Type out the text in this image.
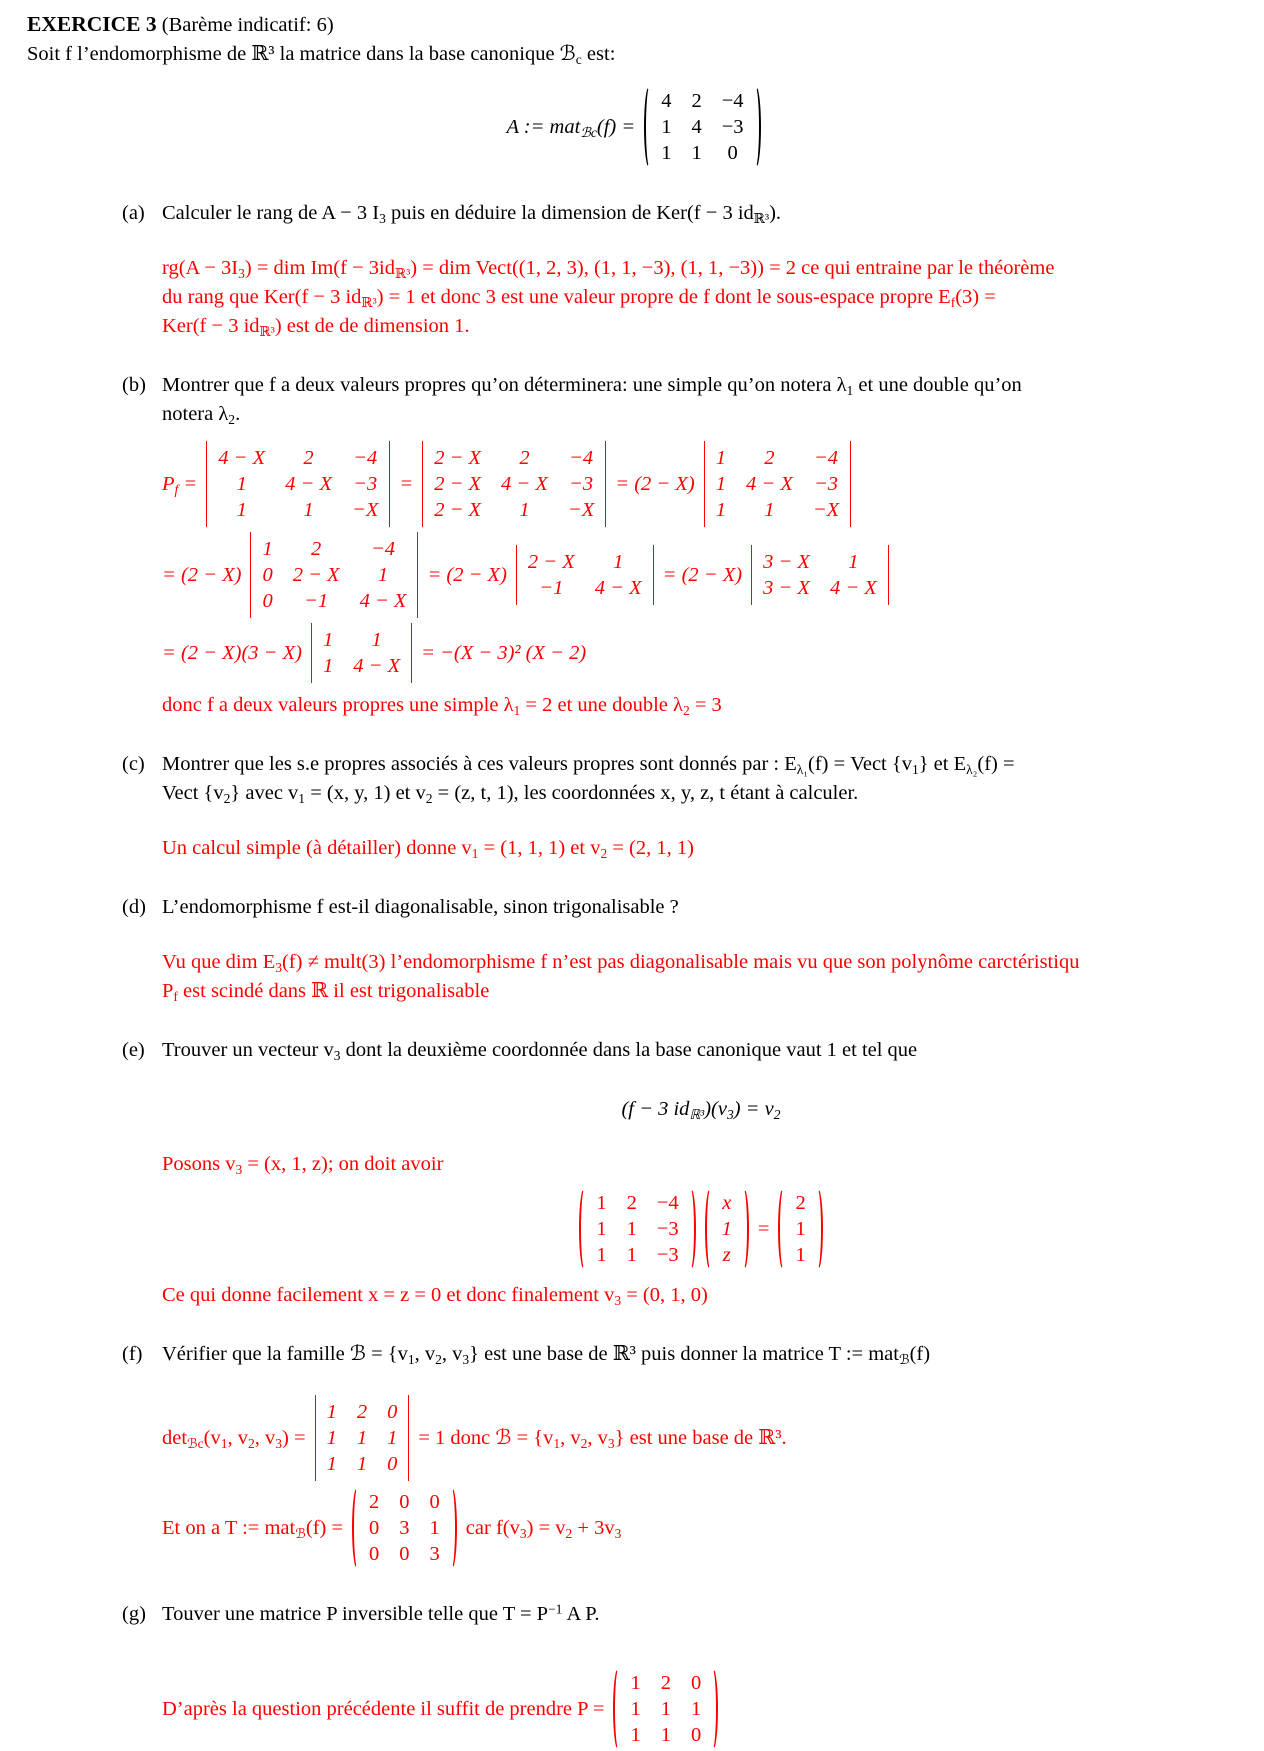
EXERCICE 3 (Barème indicatif: 6)
Soit f l’endomorphisme de ℝ³ la matrice dans la base canonique ℬ$_c$ est:
A := mat$_{ℬc}$(f) =
4 2 −4
1 4 −3
1 1 0
(a) Calculer le rang de A − 3 $I_3$ puis en déduire la dimension de Ker(f − 3 $id_{ℝ^3}$).
$rg(A - 3I_3)$ = dim $Im(f - 3id_{ℝ^3})$ = dim Vect((1, 2, 3), (1, 1, −3), (1, 1, −3)) = 2 ce qui entraine par le théorème
du rang que Ker(f − 3 $id_{ℝ^3}) = 1$ et donc 3 est une valeur propre de f dont le sous-espace propre $E_f(3)$ =
Ker(f − 3 $id_{ℝ^3}$) est de de dimension 1.
(b) Montrer que f a deux valeurs propres qu’on déterminera: une simple qu’on notera $\lambda_1$ et une double qu’on
notera $\lambda_2$.
$P_f$ =
4 − X 2 −4
1 4 − X −3
1	1 −X
=
2 − X 2 −4
2 − X 4 − X −3
2 − X 1 −X
= (2 − X)
1 2 −4
1 4 − X −3
1 1 −X
= (2 − X)
1 2 −4
0 2 − X 1
0 −1 4 − X
= (2 − X)
2 − X 1
−1 4 − X
= (2 − X)
3 − X 1
3 − X 4 − X
= (2 − X)(3 − X)
1 1
1 4 − X
= −(X − 3)² (X − 2)
donc f a deux valeurs propres une simple $\lambda_1 = 2$ et une double $\lambda_2 = 3$
(c) Montrer que les s.e propres associés à ces valeurs propres sont donnés par : $E_{\lambda_1}(f)$ = Vect $\{v_1\}$ et $E_{\lambda_2}(f)$ =
Vect $\{v_2\}$ avec $v_1 = (x$, y, 1) et $v_2 = (z$, t, 1), les coordonnées x, y, z, t étant à calculer.
Un calcul simple (à détailler) donne $v_1 = (1$, 1, 1) et $v_2 = (2$, 1, 1)
(d) L’endomorphisme f est-il diagonalisable, sinon trigonalisable ?
Vu que dim $E_3(f)$ ≠ mult(3) l’endomorphisme f n’est pas diagonalisable mais vu que son polynôme carctéristiqu
$P_f$ est scindé dans ℝ il est trigonalisable
(e) Trouver un vecteur $v_3$ dont la deuxième coordonnée dans la base canonique vaut 1 et tel que
(f − 3 $id_{ℝ^3})(v_3) = v_2$
Posons $v_3 = (x$, 1, z); on doit avoir
1 2 −4
1 1 −3
1 1 −3
x
1
z
=
2
1
1
Ce qui donne facilement x = z = 0 et donc finalement $v_3 = (0$, 1, 0)
(f) Vérifier que la famille ℬ = {$v_1$, $v_2$, $v_3$} est une base de ℝ³ puis donner la matrice T := mat$_ℬ$(f)
$\det_{ℬc}(v_1$, $v_2$, $v_3$) =
1 2 0
1 1 1
1 1 0
= 1 donc ℬ = {$v_1$, $v_2$, $v_3$} est une base de ℝ³.
Et on a T := mat$_ℬ$(f) =
2 0 0
0 3 1
0 0 3
car $f(v_3) = v_2 + 3v_3$
(g) Touver une matrice P inversible telle que $T = P^{-1}$ A P.
D’après la question précédente il suffit de prendre P =
1 2 0
1 1 1
1 1 0
